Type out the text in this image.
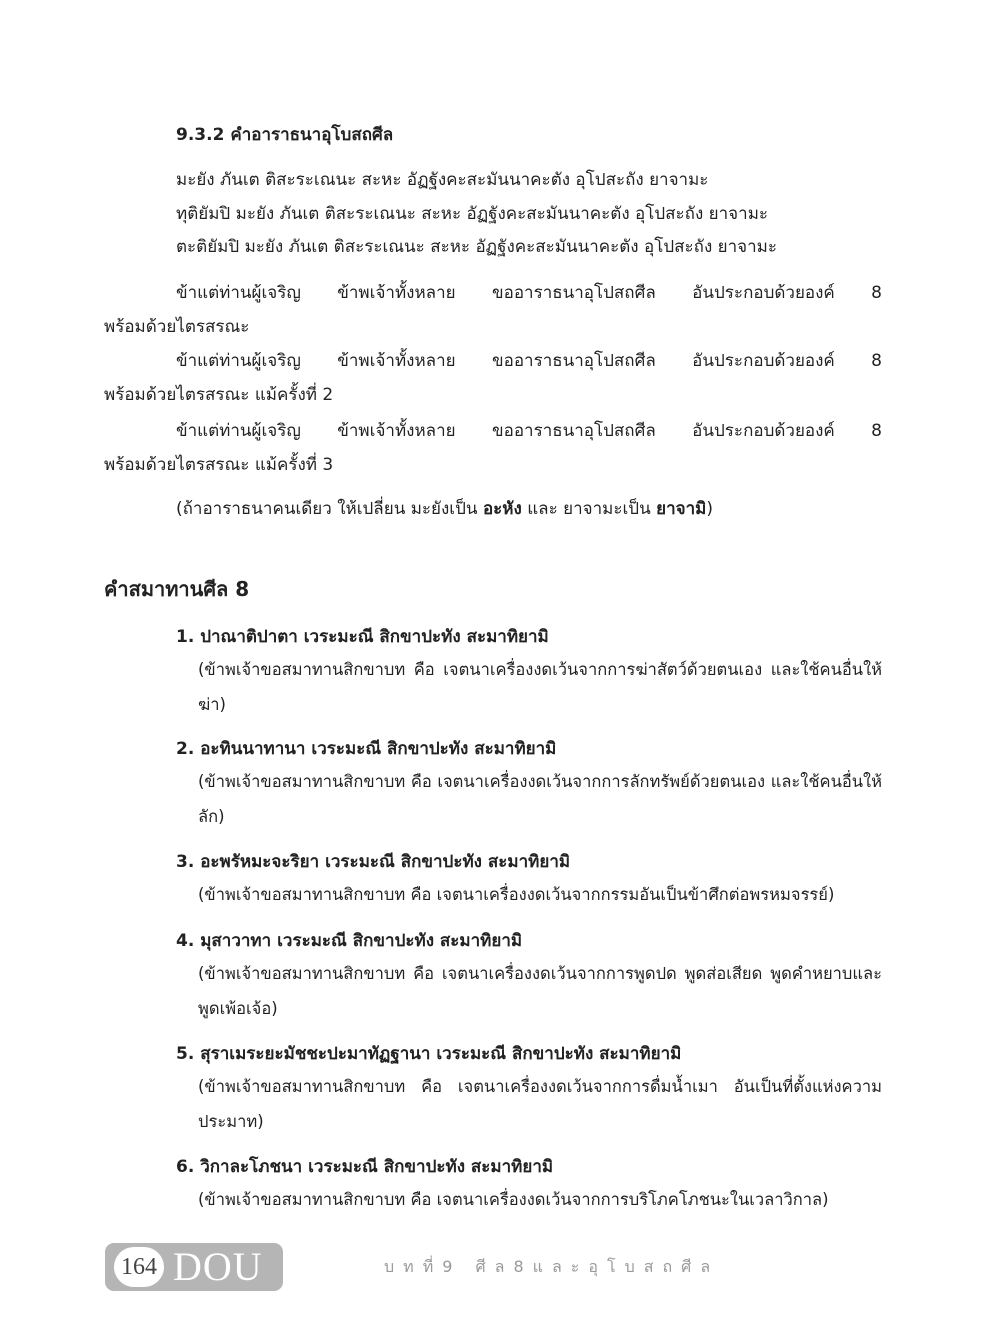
9.3.2 คำอาราธนาอุโบสถศีล
มะยัง ภันเต ติสะระเณนะ สะหะ อัฏฐังคะสะมันนาคะตัง อุโปสะถัง ยาจามะ
ทุติยัมปิ มะยัง ภันเต ติสะระเณนะ สะหะ อัฏฐังคะสะมันนาคะตัง อุโปสะถัง ยาจามะ
ตะติยัมปิ มะยัง ภันเต ติสะระเณนะ สะหะ อัฏฐังคะสะมันนาคะตัง อุโปสะถัง ยาจามะ
ข้าแต่ท่านผู้เจริญ ข้าพเจ้าทั้งหลาย ขออาราธนาอุโปสถศีล อันประกอบด้วยองค์ 8
พร้อมด้วยไตรสรณะ
ข้าแต่ท่านผู้เจริญ ข้าพเจ้าทั้งหลาย ขออาราธนาอุโปสถศีล อันประกอบด้วยองค์ 8
พร้อมด้วยไตรสรณะ แม้ครั้งที่ 2
ข้าแต่ท่านผู้เจริญ ข้าพเจ้าทั้งหลาย ขออาราธนาอุโปสถศีล อันประกอบด้วยองค์ 8
พร้อมด้วยไตรสรณะ แม้ครั้งที่ 3
(ถ้าอาราธนาคนเดียว ให้เปลี่ยน มะยังเป็น อะหัง และ ยาจามะเป็น ยาจามิ)
คำสมาทานศีล 8
1. ปาณาติปาตา เวระมะณี สิกขาปะทัง สะมาทิยามิ
(ข้าพเจ้าขอสมาทานสิกขาบท คือ เจตนาเครื่องงดเว้นจากการฆ่าสัตว์ด้วยตนเอง และใช้คนอื่นให้ฆ่า)
2. อะทินนาทานา เวระมะณี สิกขาปะทัง สะมาทิยามิ
(ข้าพเจ้าขอสมาทานสิกขาบท คือ เจตนาเครื่องงดเว้นจากการลักทรัพย์ด้วยตนเอง และใช้คนอื่นให้ลัก)
3. อะพรัหมะจะริยา เวระมะณี สิกขาปะทัง สะมาทิยามิ
(ข้าพเจ้าขอสมาทานสิกขาบท คือ เจตนาเครื่องงดเว้นจากกรรมอันเป็นข้าศึกต่อพรหมจรรย์)
4. มุสาวาทา เวระมะณี สิกขาปะทัง สะมาทิยามิ
(ข้าพเจ้าขอสมาทานสิกขาบท คือ เจตนาเครื่องงดเว้นจากการพูดปด พูดส่อเสียด พูดคำหยาบและพูดเพ้อเจ้อ)
5. สุราเมระยะมัชชะปะมาทัฏฐานา เวระมะณี สิกขาปะทัง สะมาทิยามิ
(ข้าพเจ้าขอสมาทานสิกขาบท คือ เจตนาเครื่องงดเว้นจากการดื่มน้ำเมา อันเป็นที่ตั้งแห่งความประมาท)
6. วิกาละโภชนา เวระมะณี สิกขาปะทัง สะมาทิยามิ
(ข้าพเจ้าขอสมาทานสิกขาบท คือ เจตนาเครื่องงดเว้นจากการบริโภคโภชนะในเวลาวิกาล)
164 DOU	บทที่9 ศีล8และอุโบสถศีล
